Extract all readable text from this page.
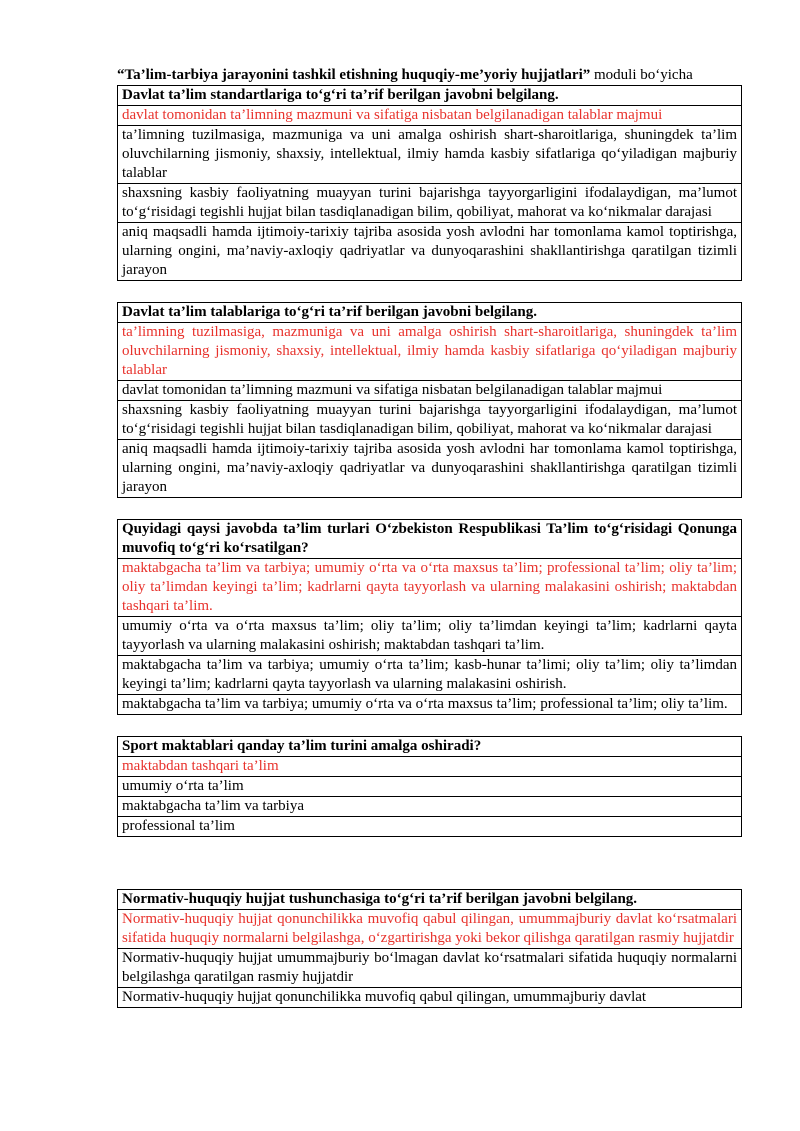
“Ta’lim-tarbiya jarayonini tashkil etishning huquqiy-me’yoriy hujjatlari” moduli bo‘yicha
Davlat ta’lim standartlariga to‘g‘ri ta’rif berilgan javobni belgilang.
davlat tomonidan ta’limning mazmuni va sifatiga nisbatan belgilanadigan talablar majmui
ta’limning tuzilmasiga, mazmuniga va uni amalga oshirish shart-sharoitlariga, shuningdek ta’lim oluvchilarning jismoniy, shaxsiy, intellektual, ilmiy hamda kasbiy sifatlariga qo‘yiladigan majburiy talablar
shaxsning kasbiy faoliyatning muayyan turini bajarishga tayyorgarligini ifodalaydigan, ma’lumot to‘g‘risidagi tegishli hujjat bilan tasdiqlanadigan bilim, qobiliyat, mahorat va ko‘nikmalar darajasi
aniq maqsadli hamda ijtimoiy-tarixiy tajriba asosida yosh avlodni har tomonlama kamol toptirishga, ularning ongini, ma’naviy-axloqiy qadriyatlar va dunyoqarashini shakllantirishga qaratilgan tizimli jarayon
Davlat ta’lim talablariga to‘g‘ri ta’rif berilgan javobni belgilang.
ta’limning tuzilmasiga, mazmuniga va uni amalga oshirish shart-sharoitlariga, shuningdek ta’lim oluvchilarning jismoniy, shaxsiy, intellektual, ilmiy hamda kasbiy sifatlariga qo‘yiladigan majburiy talablar
davlat tomonidan ta’limning mazmuni va sifatiga nisbatan belgilanadigan talablar majmui
shaxsning kasbiy faoliyatning muayyan turini bajarishga tayyorgarligini ifodalaydigan, ma’lumot to‘g‘risidagi tegishli hujjat bilan tasdiqlanadigan bilim, qobiliyat, mahorat va ko‘nikmalar darajasi
aniq maqsadli hamda ijtimoiy-tarixiy tajriba asosida yosh avlodni har tomonlama kamol toptirishga, ularning ongini, ma’naviy-axloqiy qadriyatlar va dunyoqarashini shakllantirishga qaratilgan tizimli jarayon
Quyidagi qaysi javobda ta’lim turlari O‘zbekiston Respublikasi Ta’lim to‘g‘risidagi Qonunga muvofiq to‘g‘ri ko‘rsatilgan?
maktabgacha ta’lim va tarbiya; umumiy o‘rta va o‘rta maxsus ta’lim; professional ta’lim; oliy ta’lim; oliy ta’limdan keyingi ta’lim; kadrlarni qayta tayyorlash va ularning malakasini oshirish; maktabdan tashqari ta’lim.
umumiy o‘rta va o‘rta maxsus ta’lim; oliy ta’lim; oliy ta’limdan keyingi ta’lim; kadrlarni qayta tayyorlash va ularning malakasini oshirish; maktabdan tashqari ta’lim.
maktabgacha ta’lim va tarbiya; umumiy o‘rta ta’lim; kasb-hunar ta’limi; oliy ta’lim; oliy ta’limdan keyingi ta’lim; kadrlarni qayta tayyorlash va ularning malakasini oshirish.
maktabgacha ta’lim va tarbiya; umumiy o‘rta va o‘rta maxsus ta’lim; professional ta’lim; oliy ta’lim.
Sport maktablari qanday ta’lim turini amalga oshiradi?
maktabdan tashqari ta’lim
umumiy o‘rta ta’lim
maktabgacha ta’lim va tarbiya
professional ta’lim
Normativ-huquqiy hujjat tushunchasiga to‘g‘ri ta’rif berilgan javobni belgilang.
Normativ-huquqiy hujjat qonunchilikka muvofiq qabul qilingan, umummajburiy davlat ko‘rsatmalari sifatida huquqiy normalarni belgilashga, o‘zgartirishga yoki bekor qilishga qaratilgan rasmiy hujjatdir
Normativ-huquqiy hujjat umummajburiy bo‘lmagan davlat ko‘rsatmalari sifatida huquqiy normalarni belgilashga qaratilgan rasmiy hujjatdir
Normativ-huquqiy hujjat qonunchilikka muvofiq qabul qilingan, umummajburiy davlat
